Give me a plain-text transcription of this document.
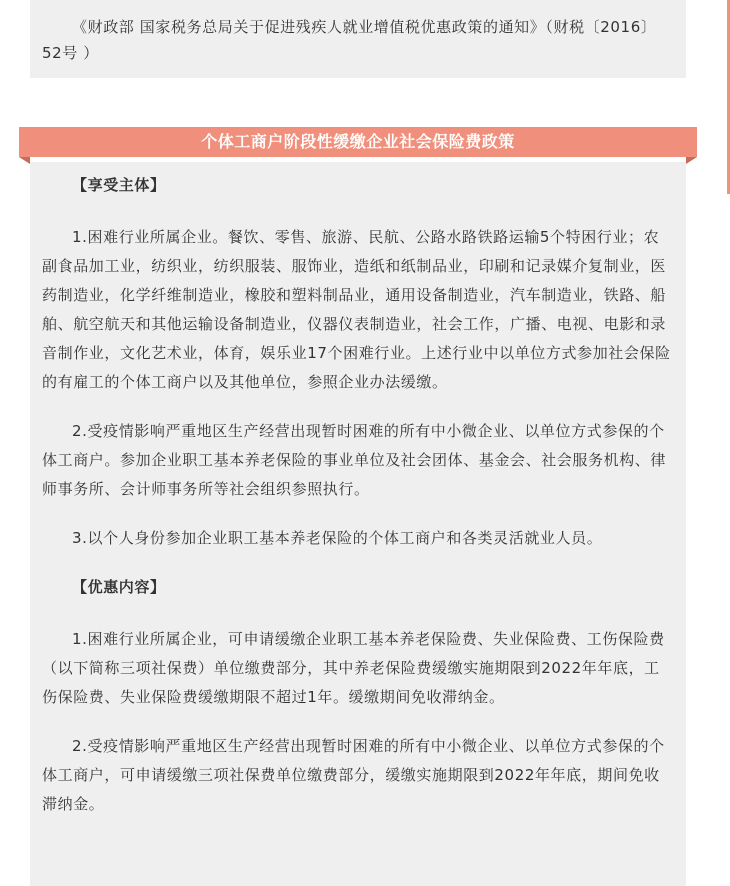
《财政部 国家税务总局关于促进残疾人就业增值税优惠政策的通知》（财税〔2016〕52号 ）

个体工商户阶段性缓缴企业社会保险费政策

【享受主体】

1.困难行业所属企业。餐饮、零售、旅游、民航、公路水路铁路运输5个特困行业；农副食品加工业，纺织业，纺织服装、服饰业，造纸和纸制品业，印刷和记录媒介复制业，医药制造业，化学纤维制造业，橡胶和塑料制品业，通用设备制造业，汽车制造业，铁路、船舶、航空航天和其他运输设备制造业，仪器仪表制造业，社会工作，广播、电视、电影和录音制作业，文化艺术业，体育，娱乐业17个困难行业。上述行业中以单位方式参加社会保险的有雇工的个体工商户以及其他单位，参照企业办法缓缴。

2.受疫情影响严重地区生产经营出现暂时困难的所有中小微企业、以单位方式参保的个体工商户。参加企业职工基本养老保险的事业单位及社会团体、基金会、社会服务机构、律师事务所、会计师事务所等社会组织参照执行。

3.以个人身份参加企业职工基本养老保险的个体工商户和各类灵活就业人员。

【优惠内容】

1.困难行业所属企业，可申请缓缴企业职工基本养老保险费、失业保险费、工伤保险费（以下简称三项社保费）单位缴费部分，其中养老保险费缓缴实施期限到2022年年底，工伤保险费、失业保险费缓缴期限不超过1年。缓缴期间免收滞纳金。

2.受疫情影响严重地区生产经营出现暂时困难的所有中小微企业、以单位方式参保的个体工商户，可申请缓缴三项社保费单位缴费部分，缓缴实施期限到2022年年底，期间免收滞纳金。
